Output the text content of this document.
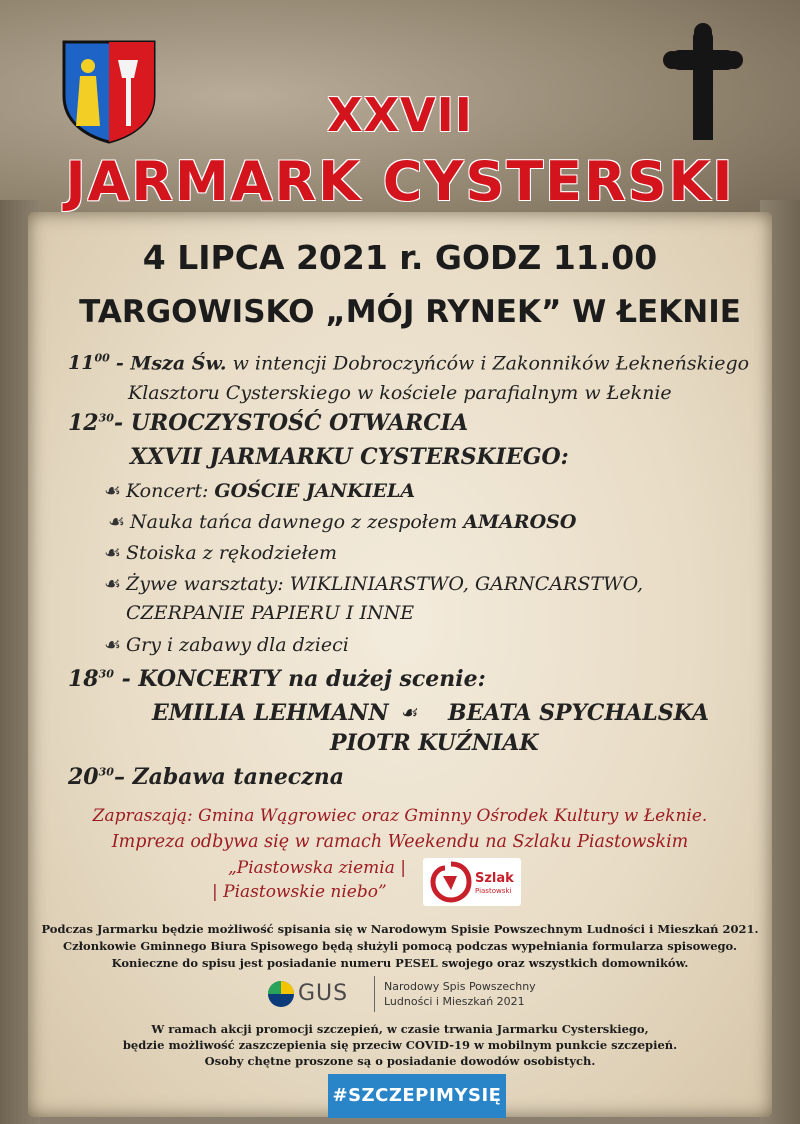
XXVII
JARMARK CYSTERSKI
4 LIPCA 2021 r. GODZ 11.00
TARGOWISKO „MÓJ RYNEK” W ŁEKNIE
$11^{00}$ - Msza Św. w intencji Dobroczyńców i Zakonników Łekneńskiego
Klasztoru Cysterskiego w kościele parafialnym w Łeknie
$12^{30}-$ UROCZYSTOŚĆ OTWARCIA
XXVII JARMARKU CYSTERSKIEGO:
☙ Koncert: GOŚCIE JANKIELA
☙ Nauka tańca dawnego z zespołem AMAROSO
☙ Stoiska z rękodziełem
☙ Żywe warsztaty: WIKLINIARSTWO, GARNCARSTWO,
CZERPANIE PAPIERU I INNE
☙ Gry i zabawy dla dzieci
$18^{30}$ - KONCERTY na dużej scenie:
EMILIA LEHMANN ☙ BEATA SPYCHALSKA
PIOTR KUŹNIAK
$20^{30}-$ Zabawa taneczna
Zapraszają: Gmina Wągrowiec oraz Gminny Ośrodek Kultury w Łeknie.
Impreza odbywa się w ramach Weekendu na Szlaku Piastowskim
„Piastowska ziemia |
| Piastowskie niebo”
Szlak
Piastowski
Podczas Jarmarku będzie możliwość spisania się w Narodowym Spisie Powszechnym Ludności i Mieszkań 2021.
Członkowie Gminnego Biura Spisowego będą służyli pomocą podczas wypełniania formularza spisowego.
Konieczne do spisu jest posiadanie numeru PESEL swojego oraz wszystkich domowników.
GUS	Narodowy Spis Powszechny
Ludności i Mieszkań 2021
W ramach akcji promocji szczepień, w czasie trwania Jarmarku Cysterskiego,
będzie możliwość zaszczepienia się przeciw COVID-19 w mobilnym punkcie szczepień.
Osoby chętne proszone są o posiadanie dowodów osobistych.
#SZCZEPIMYSIĘ
